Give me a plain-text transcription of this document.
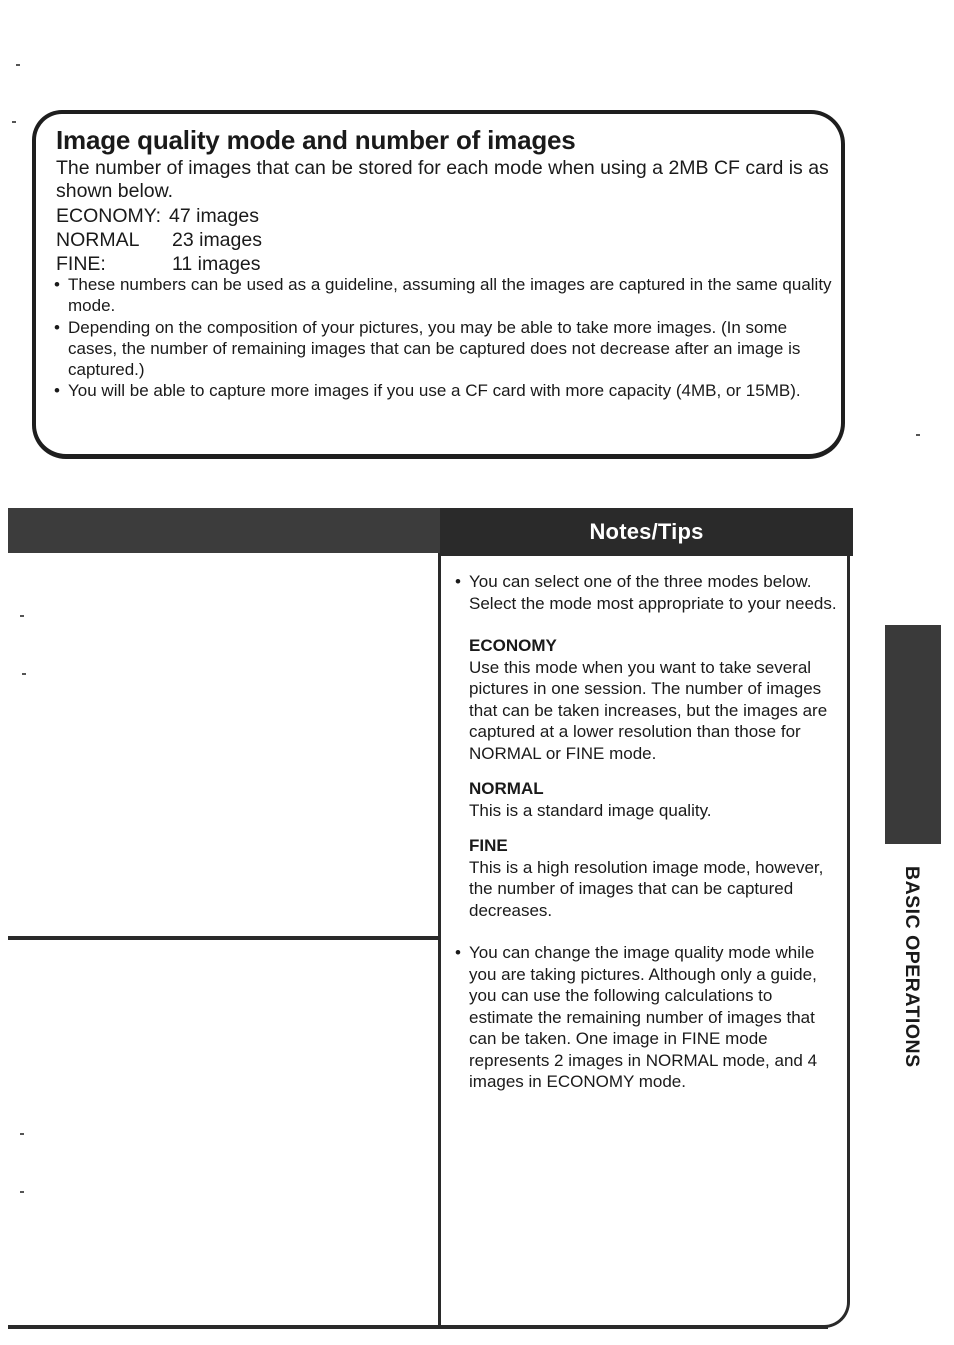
Image quality mode and number of images
The number of images that can be stored for each mode when using a 2MB CF card is as shown below.
ECONOMY: 47 images
NORMAL	23 images
FINE:	11 images
• These numbers can be used as a guideline, assuming all the images are captured in the same quality mode.
• Depending on the composition of your pictures, you may be able to take more images. (In some cases, the number of remaining images that can be captured does not decrease after an image is captured.)
• You will be able to capture more images if you use a CF card with more capacity (4MB, or 15MB).
Notes/Tips
• You can select one of the three modes below.

Select the mode most appropriate to your needs.

ECONOMY

Use this mode when you want to take several pictures in one session. The number of images that can be taken increases, but the images are captured at a lower resolution than those for NORMAL or FINE mode.

NORMAL

This is a standard image quality.

FINE

This is a high resolution image mode, however, the number of images that can be captured decreases.

• You can change the image quality mode while you are taking pictures. Although only a guide, you can use the following calculations to estimate the remaining number of images that can be taken. One image in FINE mode represents 2 images in NORMAL mode, and 4 images in ECONOMY mode.
BASIC OPERATIONS
